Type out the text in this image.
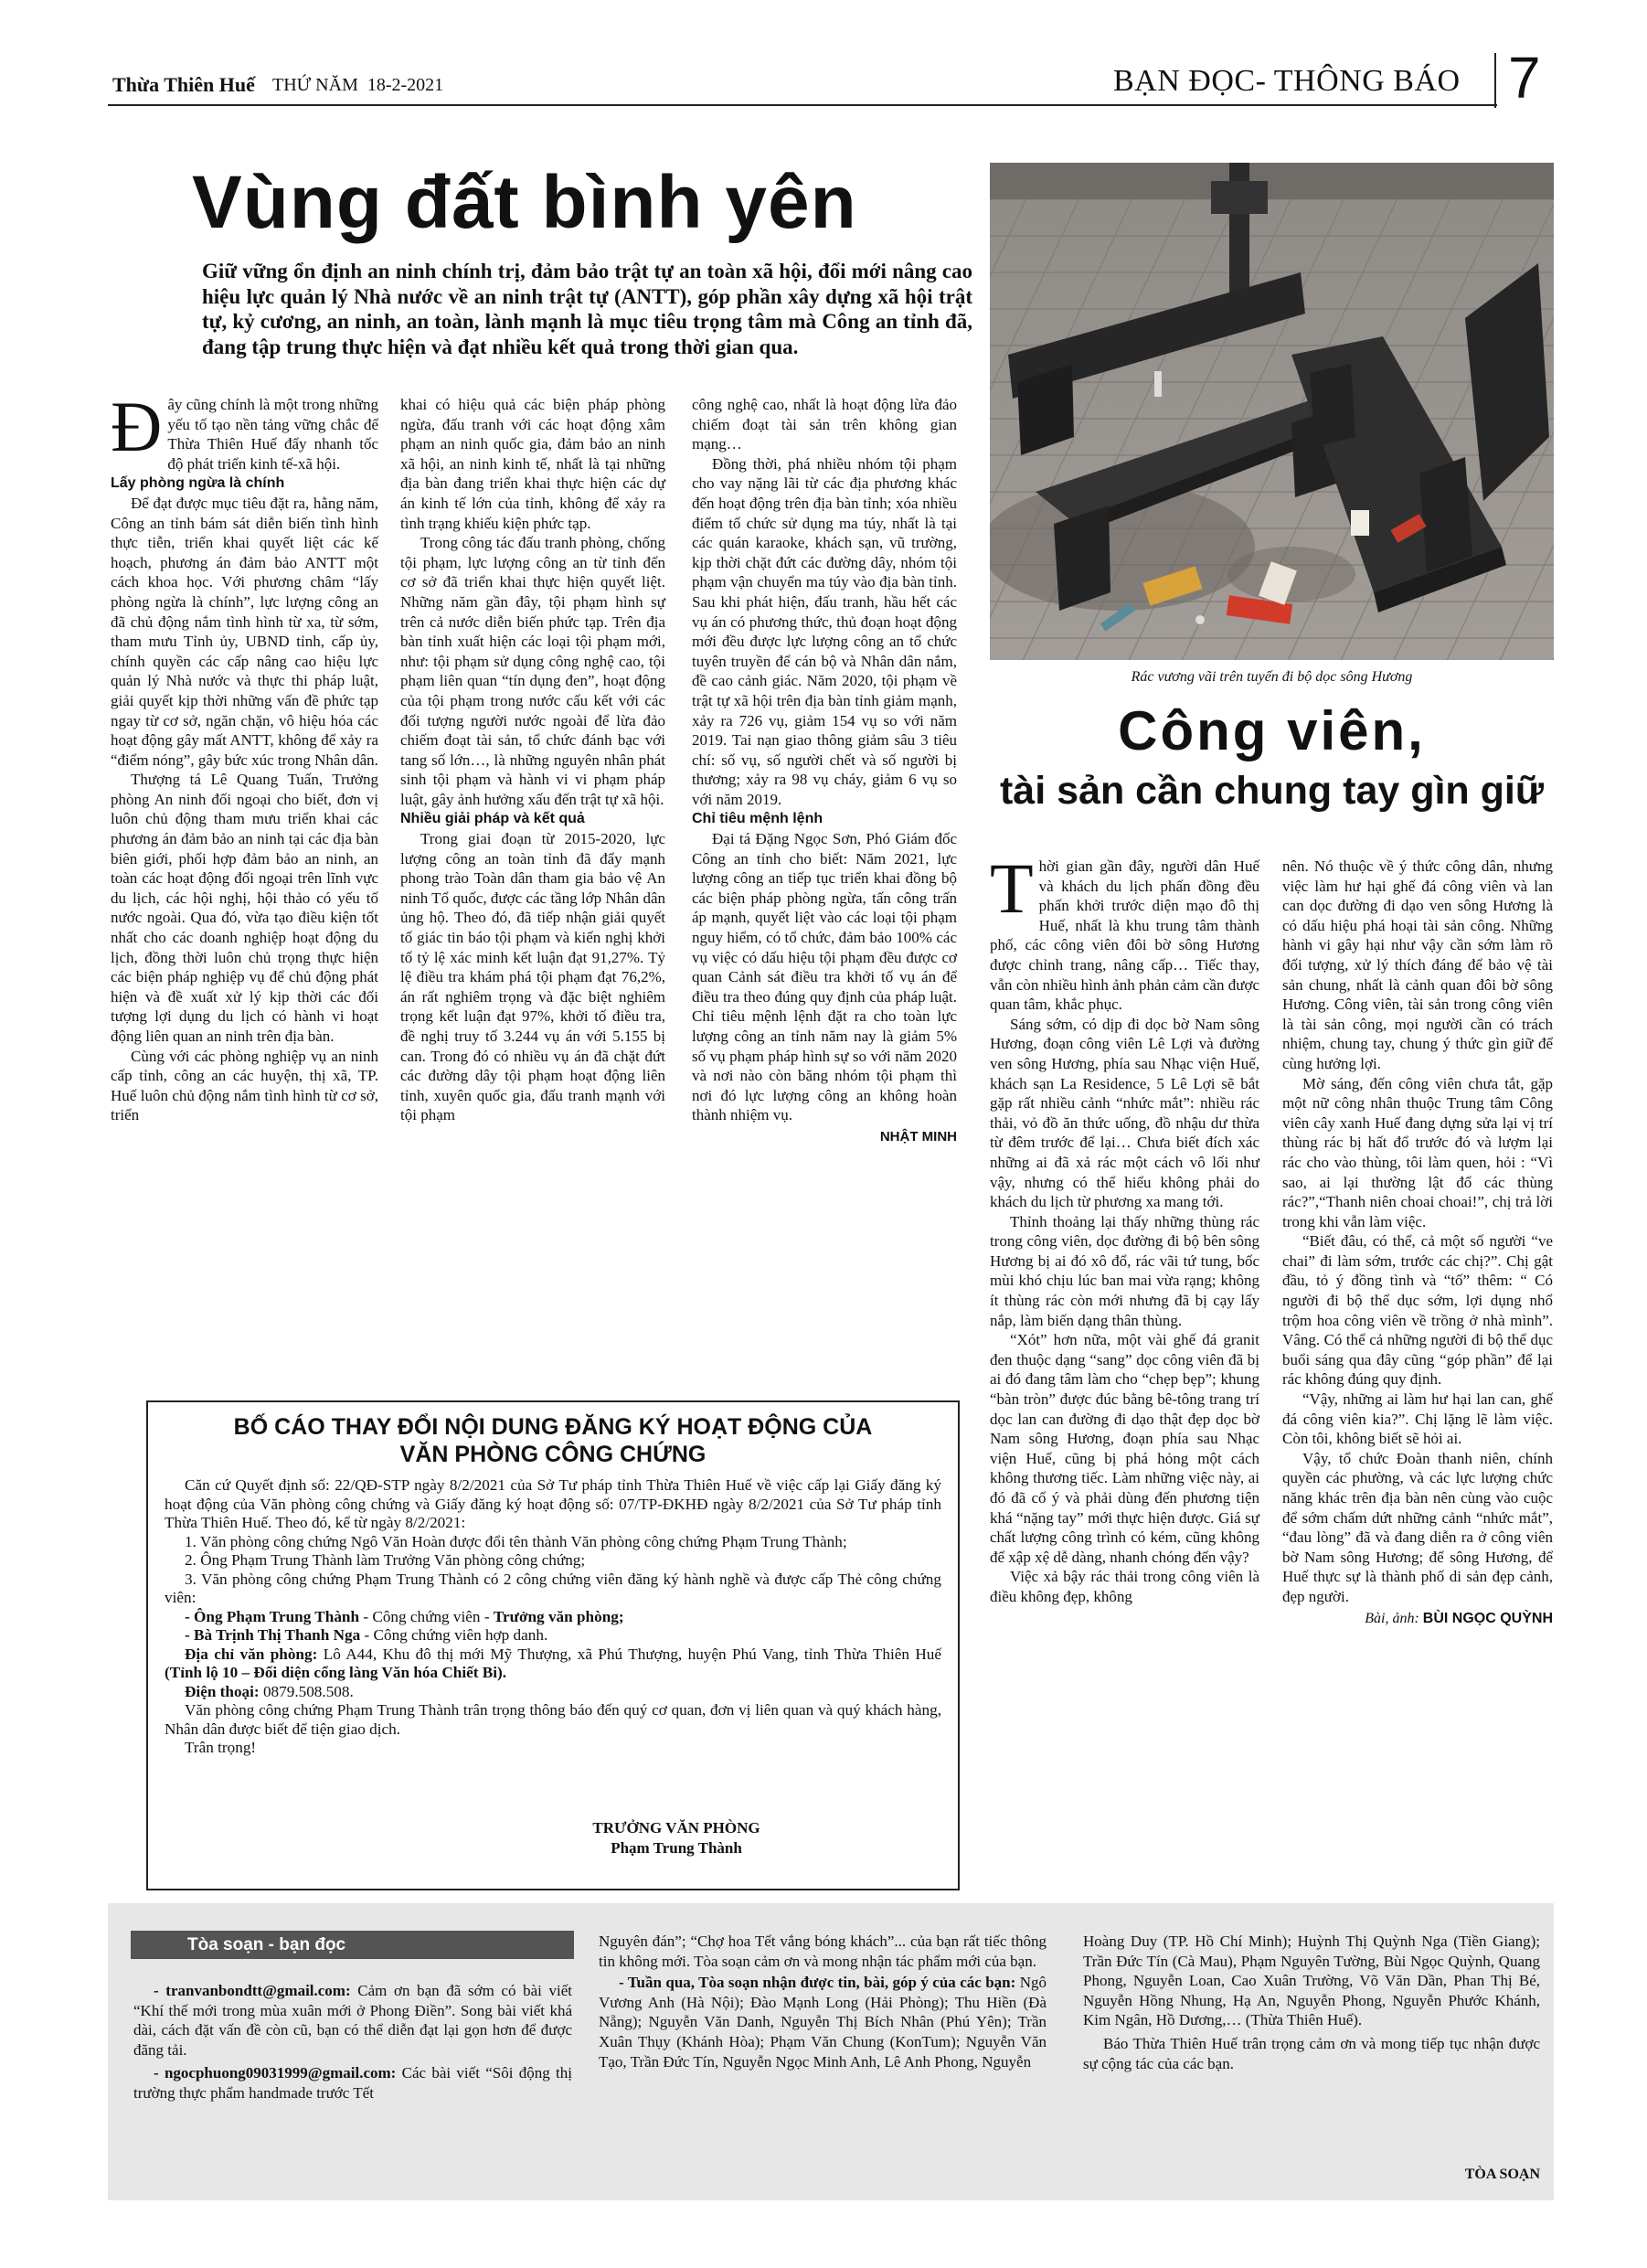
Thừa Thiên Huế THỨ NĂM  18-2-2021	BẠN ĐỌC- THÔNG BÁO 7
Vùng đất bình yên
Giữ vững ổn định an ninh chính trị, đảm bảo trật tự an toàn xã hội, đổi mới nâng cao hiệu lực quản lý Nhà nước về an ninh trật tự (ANTT), góp phần xây dựng xã hội trật tự, kỷ cương, an ninh, an toàn, lành mạnh là mục tiêu trọng tâm mà Công an tỉnh đã, đang tập trung thực hiện và đạt nhiều kết quả trong thời gian qua.

Đây cũng chính là một trong những yếu tố tạo nền tảng vững chắc để Thừa Thiên Huế đẩy nhanh tốc độ phát triển kinh tế-xã hội.

Lấy phòng ngừa là chính

Để đạt được mục tiêu đặt ra, hằng năm, Công an tỉnh bám sát diễn biến tình hình thực tiễn, triển khai quyết liệt các kế hoạch, phương án đảm bảo ANTT một cách khoa học. Với phương châm “lấy phòng ngừa là chính”, lực lượng công an đã chủ động nắm tình hình từ xa, từ sớm, tham mưu Tỉnh ủy, UBND tỉnh, cấp ủy, chính quyền các cấp nâng cao hiệu lực quản lý Nhà nước và thực thi pháp luật, giải quyết kịp thời những vấn đề phức tạp ngay từ cơ sở, ngăn chặn, vô hiệu hóa các hoạt động gây mất ANTT, không để xảy ra “điểm nóng”, gây bức xúc trong Nhân dân.

Thượng tá Lê Quang Tuấn, Trưởng phòng An ninh đối ngoại cho biết, đơn vị luôn chủ động tham mưu triển khai các phương án đảm bảo an ninh tại các địa bàn biên giới, phối hợp đảm bảo an ninh, an toàn các hoạt động đối ngoại trên lĩnh vực du lịch, các hội nghị, hội thảo có yếu tố nước ngoài. Qua đó, vừa tạo điều kiện tốt nhất cho các doanh nghiệp hoạt động du lịch, đồng thời luôn chủ trọng thực hiện các biện pháp nghiệp vụ để chủ động phát hiện và đề xuất xử lý kịp thời các đối tượng lợi dụng du lịch có hành vi hoạt động liên quan an ninh trên địa bàn.

Cùng với các phòng nghiệp vụ an ninh cấp tỉnh, công an các huyện, thị xã, TP. Huế luôn chủ động nắm tình hình từ cơ sở, triển

khai có hiệu quả các biện pháp phòng ngừa, đấu tranh với các hoạt động xâm phạm an ninh quốc gia, đảm bảo an ninh xã hội, an ninh kinh tế, nhất là tại những địa bàn đang triển khai thực hiện các dự án kinh tế lớn của tỉnh, không để xảy ra tình trạng khiếu kiện phức tạp.

Trong công tác đấu tranh phòng, chống tội phạm, lực lượng công an từ tỉnh đến cơ sở đã triển khai thực hiện quyết liệt. Những năm gần đây, tội phạm hình sự trên cả nước diễn biến phức tạp. Trên địa bàn tỉnh xuất hiện các loại tội phạm mới, như: tội phạm sử dụng công nghệ cao, tội phạm liên quan “tín dụng đen”, hoạt động của tội phạm trong nước cấu kết với các đối tượng người nước ngoài để lừa đảo chiếm đoạt tài sản, tổ chức đánh bạc với tang số lớn…, là những nguyên nhân phát sinh tội phạm và hành vi vi phạm pháp luật, gây ảnh hưởng xấu đến trật tự xã hội.

Nhiều giải pháp và kết quả

Trong giai đoạn từ 2015-2020, lực lượng công an toàn tỉnh đã đẩy mạnh phong trào Toàn dân tham gia bảo vệ An ninh Tổ quốc, được các tầng lớp Nhân dân ủng hộ. Theo đó, đã tiếp nhận giải quyết tố giác tin báo tội phạm và kiến nghị khởi tố tỷ lệ xác minh kết luận đạt 91,27%. Tỷ lệ điều tra khám phá tội phạm đạt 76,2%, án rất nghiêm trọng và đặc biệt nghiêm trọng kết luận đạt 97%, khởi tố điều tra, đề nghị truy tố 3.244 vụ án với 5.155 bị can. Trong đó có nhiều vụ án đã chặt đứt các đường dây tội phạm hoạt động liên tỉnh, xuyên quốc gia, đấu tranh mạnh với tội phạm

công nghệ cao, nhất là hoạt động lừa đảo chiếm đoạt tài sản trên không gian mạng…

Đồng thời, phá nhiều nhóm tội phạm cho vay nặng lãi từ các địa phương khác đến hoạt động trên địa bàn tỉnh; xóa nhiều điểm tổ chức sử dụng ma túy, nhất là tại các quán karaoke, khách sạn, vũ trường, kịp thời chặt đứt các đường dây, nhóm tội phạm vận chuyển ma túy vào địa bàn tỉnh. Sau khi phát hiện, đấu tranh, hầu hết các vụ án có phương thức, thủ đoạn hoạt động mới đều được lực lượng công an tổ chức tuyên truyền để cán bộ và Nhân dân nắm, đề cao cảnh giác. Năm 2020, tội phạm về trật tự xã hội trên địa bàn tỉnh giảm mạnh, xảy ra 726 vụ, giảm 154 vụ so với năm 2019. Tai nạn giao thông giảm sâu 3 tiêu chí: số vụ, số người chết và số người bị thương; xảy ra 98 vụ cháy, giảm 6 vụ so với năm 2019.

Chỉ tiêu mệnh lệnh

Đại tá Đặng Ngọc Sơn, Phó Giám đốc Công an tỉnh cho biết: Năm 2021, lực lượng công an tiếp tục triển khai đồng bộ các biện pháp phòng ngừa, tấn công trấn áp mạnh, quyết liệt vào các loại tội phạm nguy hiểm, có tổ chức, đảm bảo 100% các vụ việc có dấu hiệu tội phạm đều được cơ quan Cảnh sát điều tra khởi tố vụ án để điều tra theo đúng quy định của pháp luật. Chỉ tiêu mệnh lệnh đặt ra cho toàn lực lượng công an tỉnh năm nay là giảm 5% số vụ phạm pháp hình sự so với năm 2020 và nơi nào còn băng nhóm tội phạm thì nơi đó lực lượng công an không hoàn thành nhiệm vụ.

NHẬT MINH
Rác vương vãi trên tuyến đi bộ dọc sông Hương
Công viên,
tài sản cần chung tay gìn giữ

Thời gian gần đây, người dân Huế và khách du lịch phấn đồng đều phấn khởi trước diện mạo đô thị Huế, nhất là khu trung tâm thành phố, các công viên đôi bờ sông Hương được chỉnh trang, nâng cấp… Tiếc thay, vẫn còn nhiều hình ảnh phản cảm cần được quan tâm, khắc phục.

Sáng sớm, có dịp đi dọc bờ Nam sông Hương, đoạn công viên Lê Lợi và đường ven sông Hương, phía sau Nhạc viện Huế, khách sạn La Residence, 5 Lê Lợi sẽ bắt gặp rất nhiều cảnh “nhức mắt”: nhiều rác thải, vỏ đồ ăn thức uống, đồ nhậu dư thừa từ đêm trước để lại… Chưa biết đích xác những ai đã xả rác một cách vô lối như vậy, nhưng có thể hiểu không phải do khách du lịch từ phương xa mang tới.

Thỉnh thoảng lại thấy những thùng rác trong công viên, dọc đường đi bộ bên sông Hương bị ai đó xô đổ, rác vãi tứ tung, bốc mùi khó chịu lúc ban mai vừa rạng; không ít thùng rác còn mới nhưng đã bị cạy lấy nắp, làm biến dạng thân thùng.

“Xót” hơn nữa, một vài ghế đá granit đen thuộc dạng “sang” dọc công viên đã bị ai đó đang tâm làm cho “chẹp bẹp”; khung “bàn tròn” được đúc bằng bê-tông trang trí dọc lan can đường đi dạo thật đẹp dọc bờ Nam sông Hương, đoạn phía sau Nhạc viện Huế, cũng bị phá hỏng một cách không thương tiếc. Làm những việc này, ai đó đã cố ý và phải dùng đến phương tiện khá “nặng tay” mới thực hiện được. Giá sự chất lượng công trình có kém, cũng không để xập xệ dễ dàng, nhanh chóng đến vậy?

Việc xả bậy rác thải trong công viên là điều không đẹp, không

nên. Nó thuộc về ý thức công dân, nhưng việc làm hư hại ghế đá công viên và lan can dọc đường đi dạo ven sông Hương là có dấu hiệu phá hoại tài sản công. Những hành vi gây hại như vậy cần sớm làm rõ đối tượng, xử lý thích đáng để bảo vệ tài sản chung, nhất là cảnh quan đôi bờ sông Hương. Công viên, tài sản trong công viên là tài sản công, mọi người cần có trách nhiệm, chung tay, chung ý thức gìn giữ để cùng hưởng lợi.

Mờ sáng, đến công viên chưa tắt, gặp một nữ công nhân thuộc Trung tâm Công viên cây xanh Huế đang dựng sửa lại vị trí thùng rác bị hất đổ trước đó và lượm lại rác cho vào thùng, tôi làm quen, hỏi : “Vì sao, ai lại thường lật đổ các thùng rác?”,“Thanh niên choai choai!”, chị trả lời trong khi vẫn làm việc.

“Biết đâu, có thể, cả một số người “ve chai” đi làm sớm, trước các chị?”. Chị gật đầu, tỏ ý đồng tình và “tố” thêm: “ Có người đi bộ thể dục sớm, lợi dụng nhổ trộm hoa công viên về trồng ở nhà mình”. Vâng. Có thể cả những người đi bộ thể dục buổi sáng qua đây cũng “góp phần” để lại rác không đúng quy định.

“Vậy, những ai làm hư hại lan can, ghế đá công viên kia?”. Chị lặng lẽ làm việc. Còn tôi, không biết sẽ hỏi ai.

Vậy, tổ chức Đoàn thanh niên, chính quyền các phường, và các lực lượng chức năng khác trên địa bàn nên cùng vào cuộc để sớm chấm dứt những cảnh “nhức mắt”, “đau lòng” đã và đang diễn ra ở công viên bờ Nam sông Hương; để sông Hương, để Huế thực sự là thành phố di sản đẹp cảnh, đẹp người.

Bài, ảnh: BÙI NGỌC QUỲNH
BỐ CÁO THAY ĐỔI NỘI DUNG ĐĂNG KÝ HOẠT ĐỘNG CỦA
VĂN PHÒNG CÔNG CHỨNG

Căn cứ Quyết định số: 22/QĐ-STP ngày 8/2/2021 của Sở Tư pháp tỉnh Thừa Thiên Huế về việc cấp lại Giấy đăng ký hoạt động của Văn phòng công chứng và Giấy đăng ký hoạt động số: 07/TP-ĐKHĐ ngày 8/2/2021 của Sở Tư pháp tỉnh Thừa Thiên Huế. Theo đó, kể từ ngày 8/2/2021:

1. Văn phòng công chứng Ngô Văn Hoàn được đổi tên thành Văn phòng công chứng Phạm Trung Thành;

2. Ông Phạm Trung Thành làm Trưởng Văn phòng công chứng;

3. Văn phòng công chứng Phạm Trung Thành có 2 công chứng viên đăng ký hành nghề và được cấp Thẻ công chứng viên:

- Ông Phạm Trung Thành - Công chứng viên - Trưởng văn phòng;

- Bà Trịnh Thị Thanh Nga - Công chứng viên hợp danh.

Địa chỉ văn phòng: Lô A44, Khu đô thị mới Mỹ Thượng, xã Phú Thượng, huyện Phú Vang, tỉnh Thừa Thiên Huế (Tỉnh lộ 10 – Đối diện cổng làng Văn hóa Chiết Bi).

Điện thoại: 0879.508.508.

Văn phòng công chứng Phạm Trung Thành trân trọng thông báo đến quý cơ quan, đơn vị liên quan và quý khách hàng, Nhân dân được biết để tiện giao dịch.

Trân trọng!

TRƯỞNG VĂN PHÒNG
Phạm Trung Thành
Tòa soạn - bạn đọc

- tranvanbondtt@gmail.com: Cảm ơn bạn đã sớm có bài viết “Khí thế mới trong mùa xuân mới ở Phong Điền”. Song bài viết khá dài, cách đặt vấn đề còn cũ, bạn có thể diễn đạt lại gọn hơn để được đăng tải.

- ngocphuong09031999@gmail.com: Các bài viết “Sôi động thị trường thực phẩm handmade trước Tết

Nguyên đán”; “Chợ hoa Tết vắng bóng khách”... của bạn rất tiếc thông tin không mới. Tòa soạn cảm ơn và mong nhận tác phẩm mới của bạn.

- Tuần qua, Tòa soạn nhận được tin, bài, góp ý của các bạn: Ngô Vương Anh (Hà Nội); Đào Mạnh Long (Hải Phòng); Thu Hiền (Đà Nẵng); Nguyễn Văn Danh, Nguyễn Thị Bích Nhân (Phú Yên); Trần Xuân Thụy (Khánh Hòa); Phạm Văn Chung (KonTum); Nguyễn Văn Tạo, Trần Đức Tín, Nguyễn Ngọc Minh Anh, Lê Anh Phong, Nguyễn

Hoàng Duy (TP. Hồ Chí Minh); Huỳnh Thị Quỳnh Nga (Tiền Giang); Trần Đức Tín (Cà Mau), Phạm Nguyên Tường, Bùi Ngọc Quỳnh, Quang Phong, Nguyễn Loan, Cao Xuân Trường, Võ Văn Dần, Phan Thị Bé, Nguyễn Hồng Nhung, Hạ An, Nguyễn Phong, Nguyễn Phước Khánh, Kim Ngân, Hồ Dương,… (Thừa Thiên Huế).

Báo Thừa Thiên Huế trân trọng cảm ơn và mong tiếp tục nhận được sự cộng tác của các bạn.

TÒA SOẠN
